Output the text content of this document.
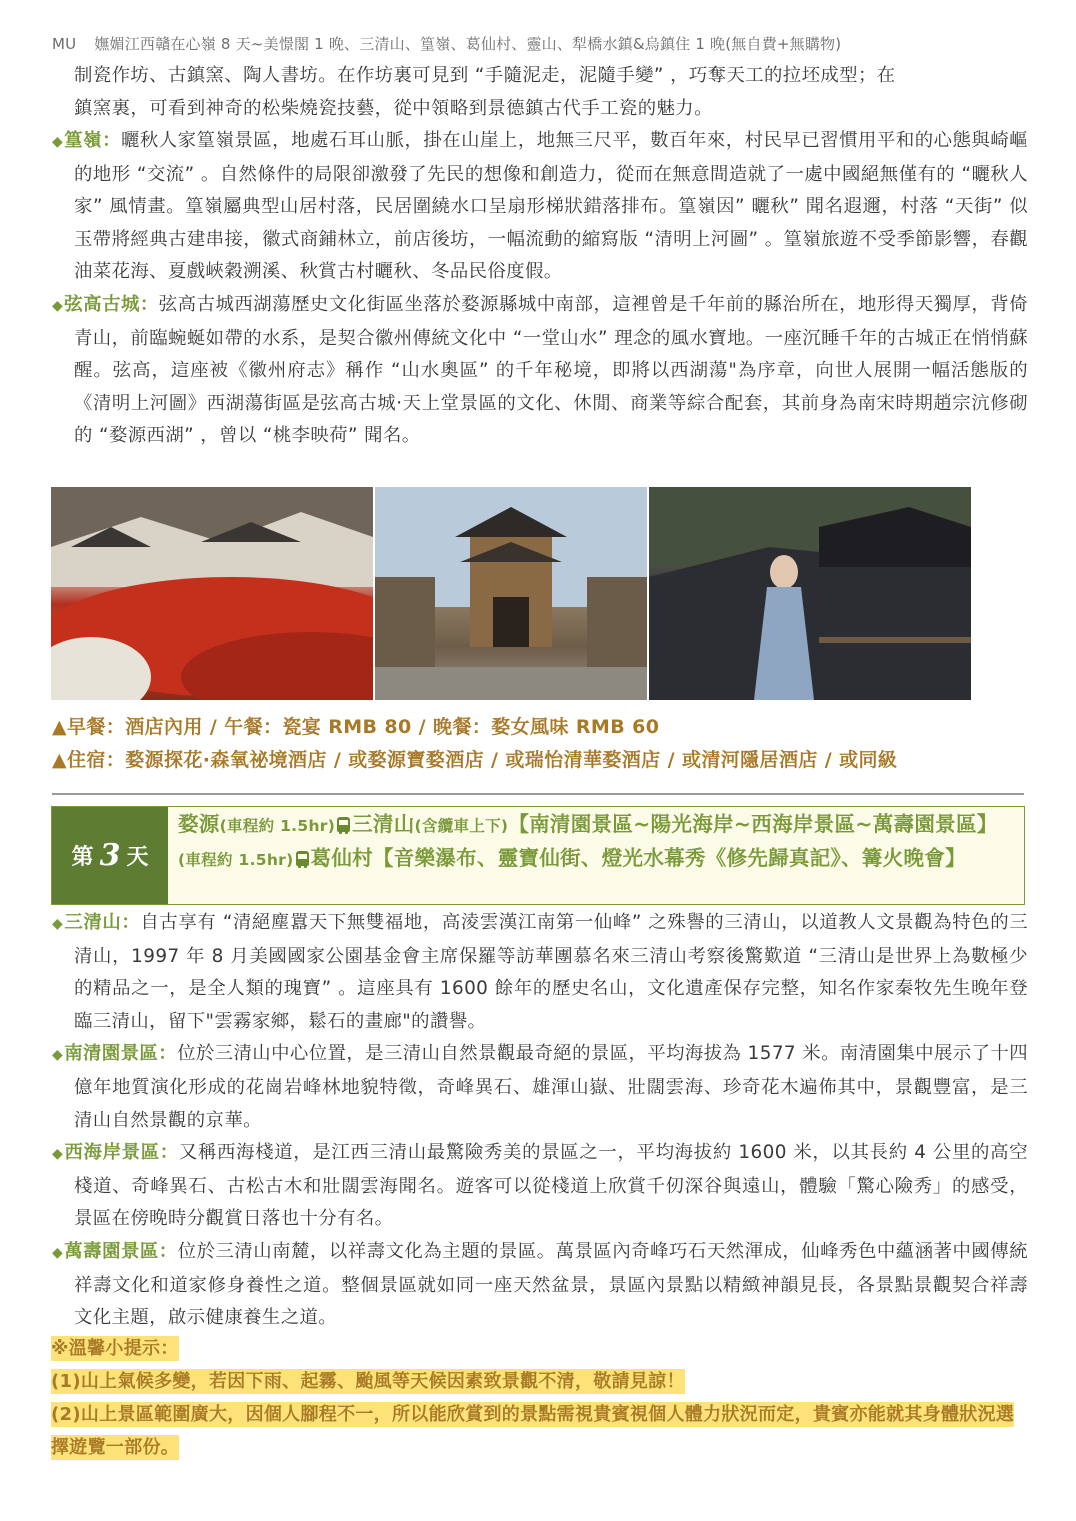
MU 嫵媚江西贛在心嶺 8 天~美憬閣 1 晚、三清山、篁嶺、葛仙村、靈山、犁橋水鎮&烏鎮住 1 晚(無自費+無購物)

制瓷作坊、古鎮窯、陶人書坊。在作坊裏可見到 “手隨泥走，泥隨手變” ，巧奪天工的拉坯成型；在

鎮窯裏，可看到神奇的松柴燒瓷技藝，從中領略到景德鎮古代手工瓷的魅力。

◆篁嶺：曬秋人家篁嶺景區，地處石耳山脈，掛在山崖上，地無三尺平，數百年來，村民早已習慣用平和的心態與崎嶇的地形 “交流” 。自然條件的局限卻激發了先民的想像和創造力，從而在無意間造就了一處中國絕無僅有的 “曬秋人家” 風情畫。篁嶺屬典型山居村落，民居圍繞水口呈扇形梯狀錯落排布。篁嶺因” 曬秋” 聞名遐邇，村落 “天街” 似玉帶將經典古建串接，徽式商鋪林立，前店後坊，一幅流動的縮寫版 “清明上河圖” 。篁嶺旅遊不受季節影響，春觀油菜花海、夏戲峽穀溯溪、秋賞古村曬秋、冬品民俗度假。

◆弦高古城：弦高古城西湖蕩歷史文化街區坐落於婺源縣城中南部，這裡曾是千年前的縣治所在，地形得天獨厚，背倚青山，前臨蜿蜒如帶的水系，是契合徽州傳統文化中 “一堂山水” 理念的風水寶地。一座沉睡千年的古城正在悄悄蘇醒。弦高，這座被《徽州府志》稱作 “山水奧區” 的千年秘境，即將以西湖蕩"為序章，向世人展開一幅活態版的《清明上河圖》西湖蕩街區是弦高古城·天上堂景區的文化、休閒、商業等綜合配套，其前身為南宋時期趙宗沆修砌的 “婺源西湖” ，曾以 “桃李映荷” 聞名。

▲早餐：酒店內用 / 午餐：瓷宴 RMB 80 / 晚餐：婺女風味 RMB 60
▲住宿：婺源探花·森氧祕境酒店 / 或婺源寶婺酒店 / 或瑞怡清華婺酒店 / 或清河隱居酒店 / 或同級
第 3 天
婺源(車程約 1.5hr) 三清山(含纜車上下)【南清園景區~陽光海岸~西海岸景區~萬壽園景區】(車程約 1.5hr) 葛仙村【音樂瀑布、靈寶仙街、燈光水幕秀《修先歸真記》、篝火晚會】

◆三清山：自古享有 “清絕塵囂天下無雙福地，高淩雲漢江南第一仙峰” 之殊譽的三清山，以道教人文景觀為特色的三清山，1997 年 8 月美國國家公園基金會主席保羅等訪華團慕名來三清山考察後驚歎道 “三清山是世界上為數極少的精品之一，是全人類的瑰寶” 。這座具有 1600 餘年的歷史名山，文化遺產保存完整，知名作家秦牧先生晚年登臨三清山，留下"雲霧家鄉，鬆石的畫廊"的讚譽。

◆南清園景區：位於三清山中心位置，是三清山自然景觀最奇絕的景區，平均海拔為 1577 米。南清園集中展示了十四億年地質演化形成的花崗岩峰林地貌特徵，奇峰異石、雄渾山嶽、壯闊雲海、珍奇花木遍佈其中，景觀豐富，是三清山自然景觀的京華。

◆西海岸景區：又稱西海棧道，是江西三清山最驚險秀美的景區之一，平均海拔約 1600 米，以其長約 4 公里的高空棧道、奇峰異石、古松古木和壯闊雲海聞名。遊客可以從棧道上欣賞千仞深谷與遠山，體驗「驚心險秀」的感受，景區在傍晚時分觀賞日落也十分有名。

◆萬壽園景區：位於三清山南麓，以祥壽文化為主題的景區。萬景區內奇峰巧石天然渾成，仙峰秀色中蘊涵著中國傳統祥壽文化和道家修身養性之道。整個景區就如同一座天然盆景，景區內景點以精緻神韻見長，各景點景觀契合祥壽文化主題，啟示健康養生之道。

※溫馨小提示：
(1)山上氣候多變，若因下雨、起霧、颱風等天候因素致景觀不清，敬請見諒！
(2)山上景區範圍廣大，因個人腳程不一，所以能欣賞到的景點需視貴賓視個人體力狀況而定，貴賓亦能就其身體狀況選擇遊覽一部份。
